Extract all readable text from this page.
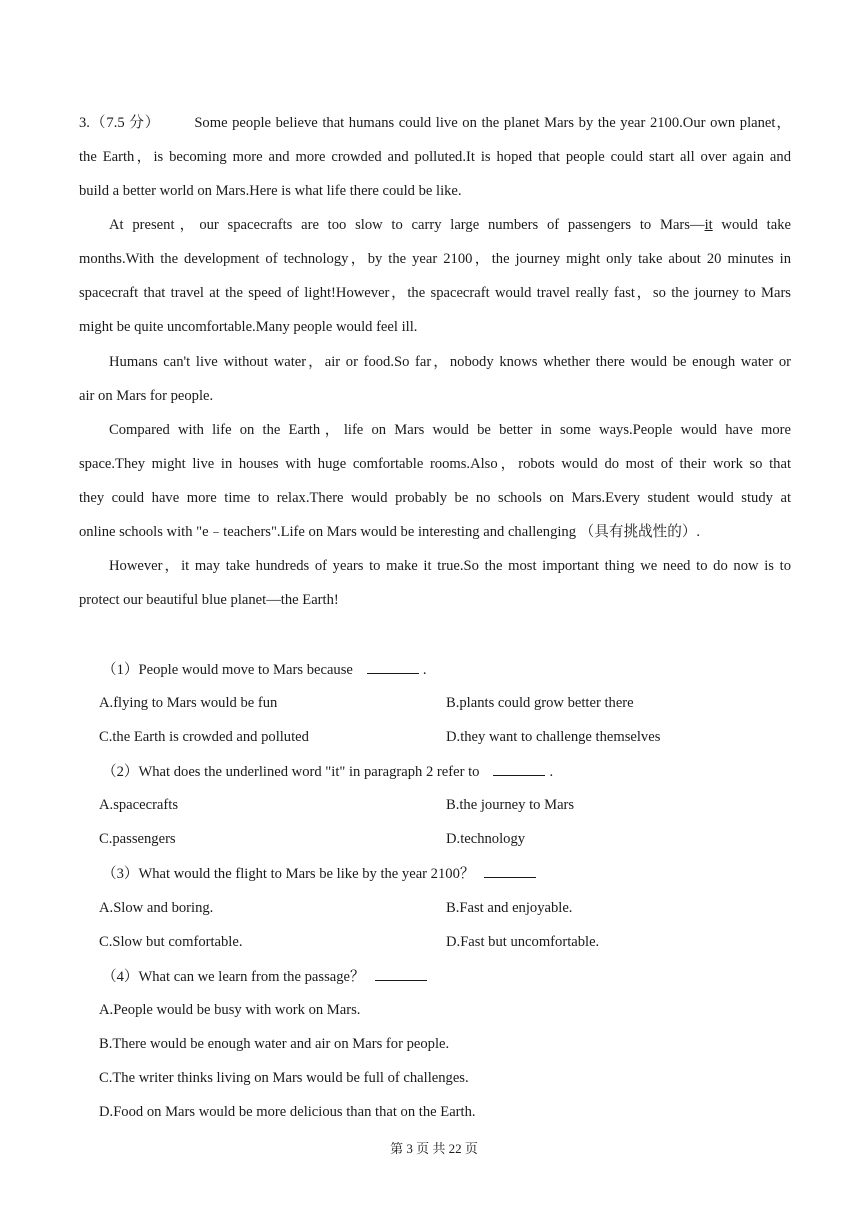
3.（7.5 分） Some people believe that humans could live on the planet Mars by the year 2100.Our own planet，
the Earth，is becoming more and more crowded and polluted.It is hoped that people could start all over again and
build a better world on Mars.Here is what life there could be like.
At present，our spacecrafts are too slow to carry large numbers of passengers to Mars—it would take
months.With the development of technology，by the year 2100，the journey might only take about 20 minutes in
spacecraft that travel at the speed of light!However，the spacecraft would travel really fast，so the journey to Mars
might be quite uncomfortable.Many people would feel ill.
Humans can't live without water，air or food.So far，nobody knows whether there would be enough water or
air on Mars for people.
Compared with life on the Earth，life on Mars would be better in some ways.People would have more
space.They might live in houses with huge comfortable rooms.Also，robots would do most of their work so that
they could have more time to relax.There would probably be no schools on Mars.Every student would study at
online schools with "e﹣teachers".Life on Mars would be interesting and challenging （具有挑战性的）.
However，it may take hundreds of years to make it true.So the most important thing we need to do now is to
protect our beautiful blue planet—the Earth!
（1）People would move to Mars because	.
A.flying to Mars would be fun	B.plants could grow better there
C.the Earth is crowded and polluted	D.they want to challenge themselves
（2）What does the underlined word "it" in paragraph 2 refer to	.
A.spacecrafts	B.the journey to Mars
C.passengers	D.technology
（3）What would the flight to Mars be like by the year 2100？
A.Slow and boring.	B.Fast and enjoyable.
C.Slow but comfortable.	D.Fast but uncomfortable.
（4）What can we learn from the passage？
A.People would be busy with work on Mars.
B.There would be enough water and air on Mars for people.
C.The writer thinks living on Mars would be full of challenges.
D.Food on Mars would be more delicious than that on the Earth.
第 3 页 共 22 页
